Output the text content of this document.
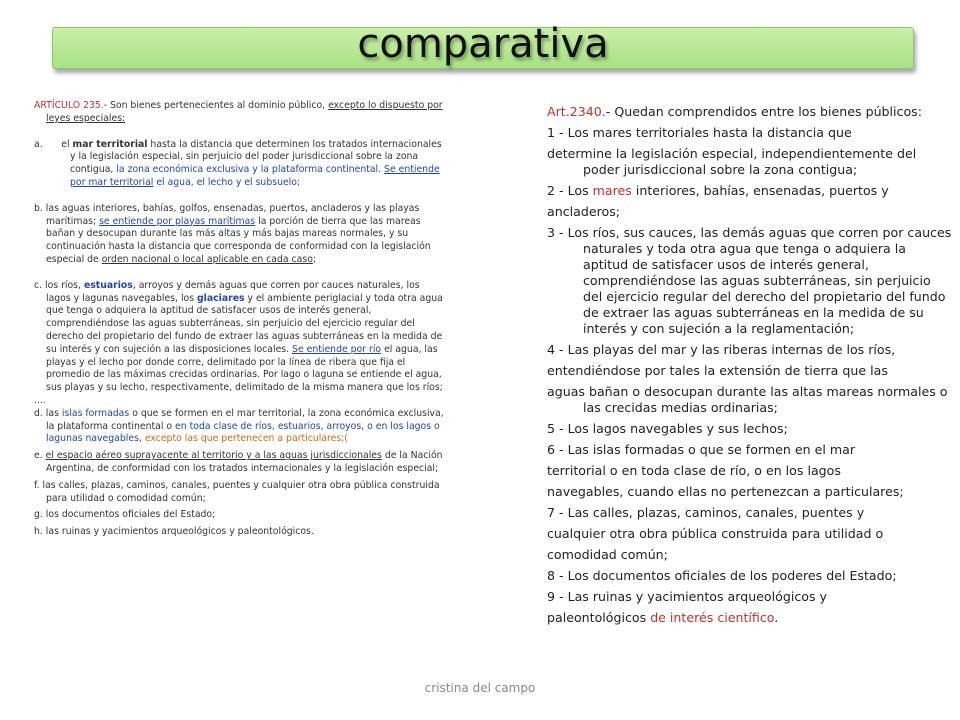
comparativa

ARTÍCULO 235.- Son bienes pertenecientes al dominio público, excepto lo dispuesto por leyes especiales:

a.     el mar territorial hasta la distancia que determinen los tratados internacionales y la legislación especial, sin perjuicio del poder jurisdiccional sobre la zona contigua, la zona económica exclusiva y la plataforma continental. Se entiende por mar territorial el agua, el lecho y el subsuelo;

b. las aguas interiores, bahías, golfos, ensenadas, puertos, ancladeros y las playas marítimas; se entiende por playas marítimas la porción de tierra que las mareas bañan y desocupan durante las más altas y más bajas mareas normales, y su continuación hasta la distancia que corresponda de conformidad con la legislación especial de orden nacional o local aplicable en cada caso;

c. los ríos, estuarios, arroyos y demás aguas que corren por cauces naturales, los lagos y lagunas navegables, los glaciares y el ambiente periglacial y toda otra agua que tenga o adquiera la aptitud de satisfacer usos de interés general, comprendiéndose las aguas subterráneas, sin perjuicio del ejercicio regular del derecho del propietario del fundo de extraer las aguas subterráneas en la medida de su interés y con sujeción a las disposiciones locales. Se entiende por río el agua, las playas y el lecho por donde corre, delimitado por la línea de ribera que fija el promedio de las máximas crecidas ordinarias. Por lago o laguna se entiende el agua, sus playas y su lecho, respectivamente, delimitado de la misma manera que los ríos;

....

d. las islas formadas o que se formen en el mar territorial, la zona económica exclusiva, la plataforma continental o en toda clase de ríos, estuarios, arroyos, o en los lagos o lagunas navegables, excepto las que pertenecen a particulares;(

e. el espacio aéreo suprayacente al territorio y a las aguas jurisdiccionales de la Nación Argentina, de conformidad con los tratados internacionales y la legislación especial;

f. las calles, plazas, caminos, canales, puentes y cualquier otra obra pública construida para utilidad o comodidad común;

g. los documentos oficiales del Estado;

h. las ruinas y yacimientos arqueológicos y paleontológicos.

Art.2340.- Quedan comprendidos entre los bienes públicos:

1 - Los mares territoriales hasta la distancia que

determine la legislación especial, independientemente del poder jurisdiccional sobre la zona contigua;

2 - Los mares interiores, bahías, ensenadas, puertos y

ancladeros;

3 - Los ríos, sus cauces, las demás aguas que corren por cauces naturales y toda otra agua que tenga o adquiera la aptitud de satisfacer usos de interés general, comprendiéndose las aguas subterráneas, sin perjuicio del ejercicio regular del derecho del propietario del fundo de extraer las aguas subterráneas en la medida de su interés y con sujeción a la reglamentación;

4 - Las playas del mar y las riberas internas de los ríos,

entendiéndose por tales la extensión de tierra que las

aguas bañan o desocupan durante las altas mareas normales o las crecidas medias ordinarias;

5 - Los lagos navegables y sus lechos;

6 - Las islas formadas o que se formen en el mar

territorial o en toda clase de río, o en los lagos

navegables, cuando ellas no pertenezcan a particulares;

7 - Las calles, plazas, caminos, canales, puentes y

cualquier otra obra pública construida para utilidad o

comodidad común;

8 - Los documentos oficiales de los poderes del Estado;

9 - Las ruinas y yacimientos arqueológicos y

paleontológicos de interés científico.

cristina del campo
